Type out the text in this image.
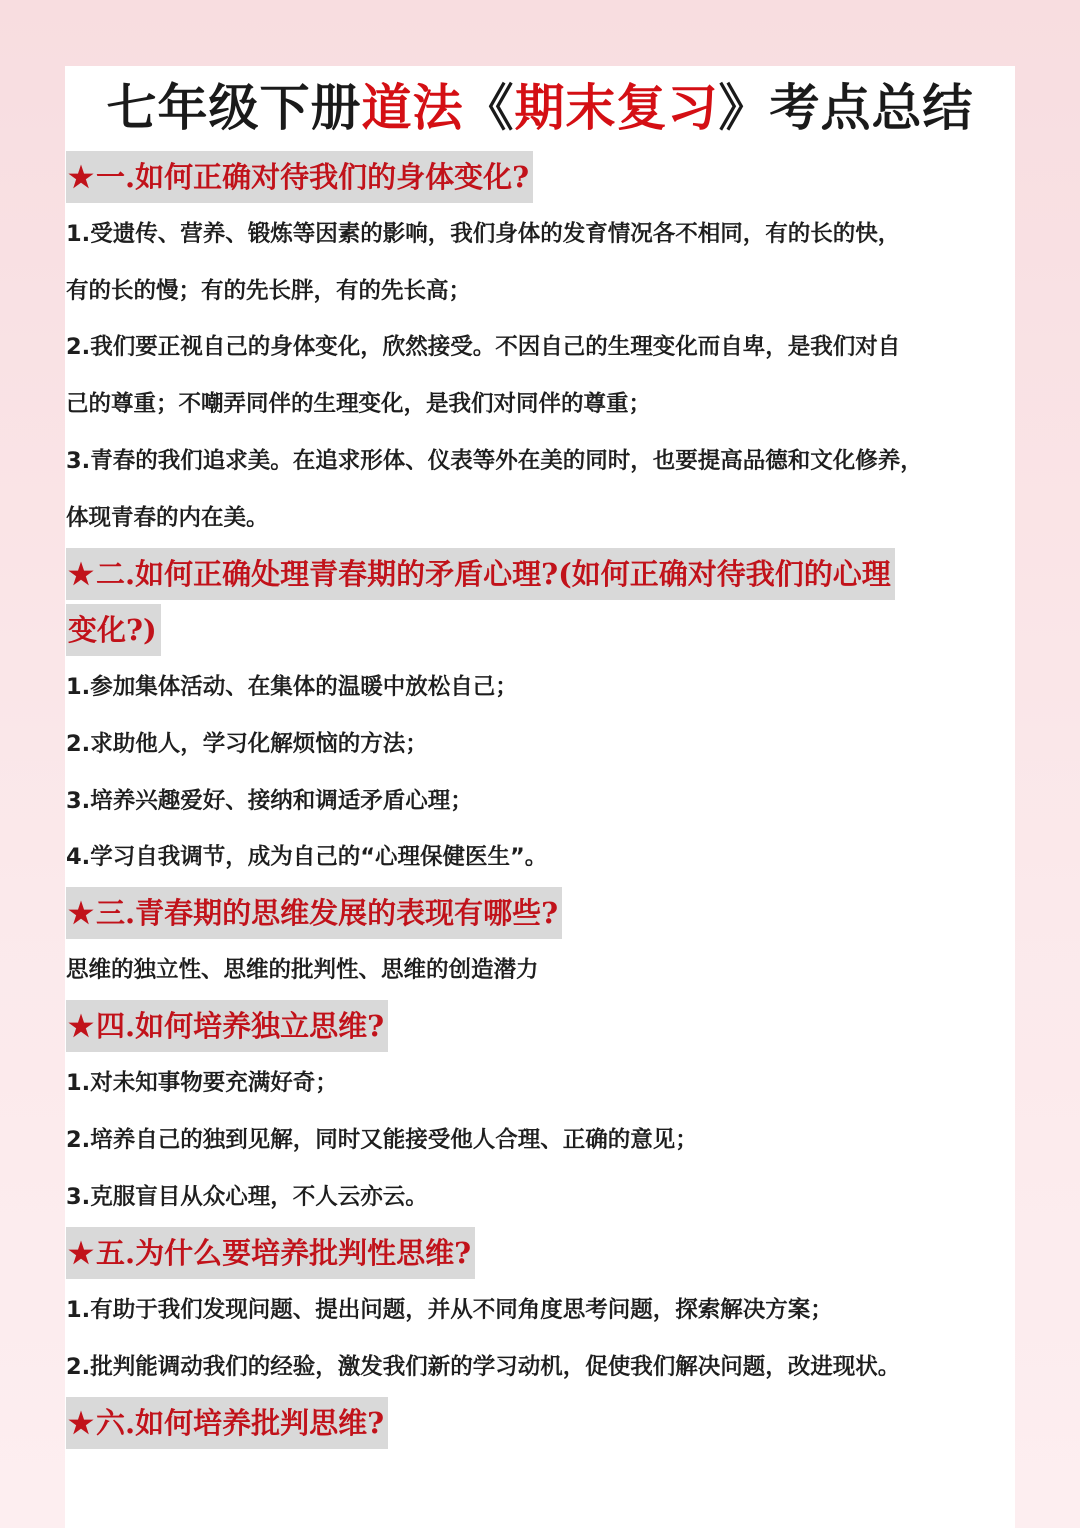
七年级下册道法《期末复习》考点总结
★一.如何正确对待我们的身体变化?

1.受遗传、营养、锻炼等因素的影响，我们身体的发育情况各不相同，有的长的快，

有的长的慢；有的先长胖，有的先长高；

2.我们要正视自己的身体变化，欣然接受。不因自己的生理变化而自卑，是我们对自

己的尊重；不嘲弄同伴的生理变化，是我们对同伴的尊重；

3.青春的我们追求美。在追求形体、仪表等外在美的同时，也要提高品德和文化修养，

体现青春的内在美。

★二.如何正确处理青春期的矛盾心理?(如何正确对待我们的心理
变化?)

1.参加集体活动、在集体的温暖中放松自己；

2.求助他人，学习化解烦恼的方法；

3.培养兴趣爱好、接纳和调适矛盾心理；

4.学习自我调节，成为自己的“心理保健医生”。

★三.青春期的思维发展的表现有哪些?

思维的独立性、思维的批判性、思维的创造潜力

★四.如何培养独立思维?

1.对未知事物要充满好奇；

2.培养自己的独到见解，同时又能接受他人合理、正确的意见；

3.克服盲目从众心理，不人云亦云。

★五.为什么要培养批判性思维?

1.有助于我们发现问题、提出问题，并从不同角度思考问题，探索解决方案；

2.批判能调动我们的经验，激发我们新的学习动机，促使我们解决问题，改进现状。

★六.如何培养批判思维?
